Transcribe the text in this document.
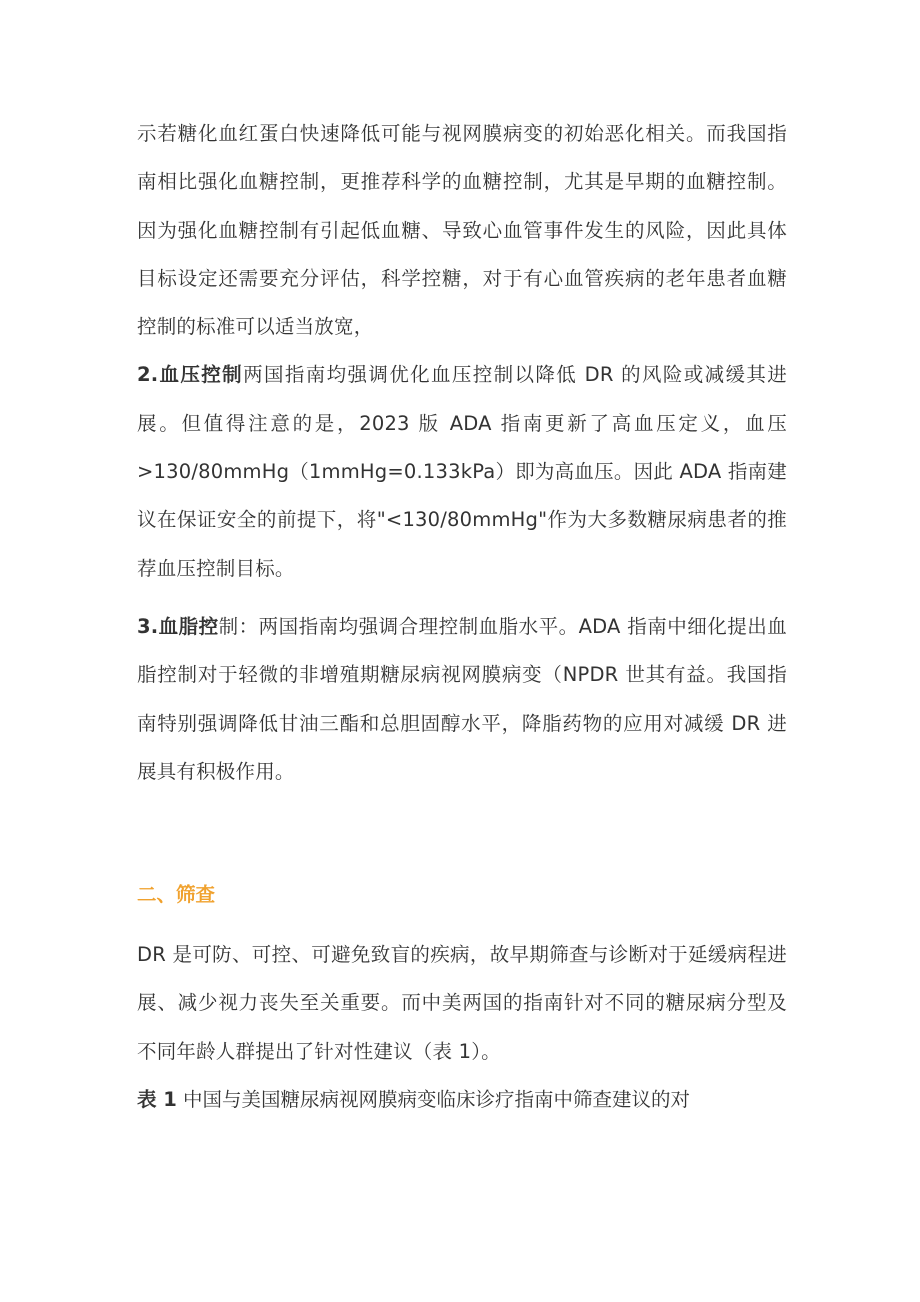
示若糖化血红蛋白快速降低可能与视网膜病变的初始恶化相关。而我国指南相比强化血糖控制，更推荐科学的血糖控制，尤其是早期的血糖控制。因为强化血糖控制有引起低血糖、导致心血管事件发生的风险，因此具体目标设定还需要充分评估，科学控糖，对于有心血管疾病的老年患者血糖控制的标准可以适当放宽，

2.血压控制两国指南均强调优化血压控制以降低 DR 的风险或减缓其进展。但值得注意的是，2023 版 ADA 指南更新了高血压定义，血压>130/80mmHg（1mmHg=0.133kPa）即为高血压。因此 ADA 指南建议在保证安全的前提下，将"<130/80mmHg"作为大多数糖尿病患者的推荐血压控制目标。

3.血脂控制：两国指南均强调合理控制血脂水平。ADA 指南中细化提出血脂控制对于轻微的非增殖期糖尿病视网膜病变（NPDR 世其有益。我国指南特别强调降低甘油三酯和总胆固醇水平，降脂药物的应用对减缓 DR 进展具有积极作用。

二、筛查

DR 是可防、可控、可避免致盲的疾病，故早期筛查与诊断对于延缓病程进展、减少视力丧失至关重要。而中美两国的指南针对不同的糖尿病分型及不同年龄人群提出了针对性建议（表 1）。

表 1 中国与美国糖尿病视网膜病变临床诊疗指南中筛查建议的对
